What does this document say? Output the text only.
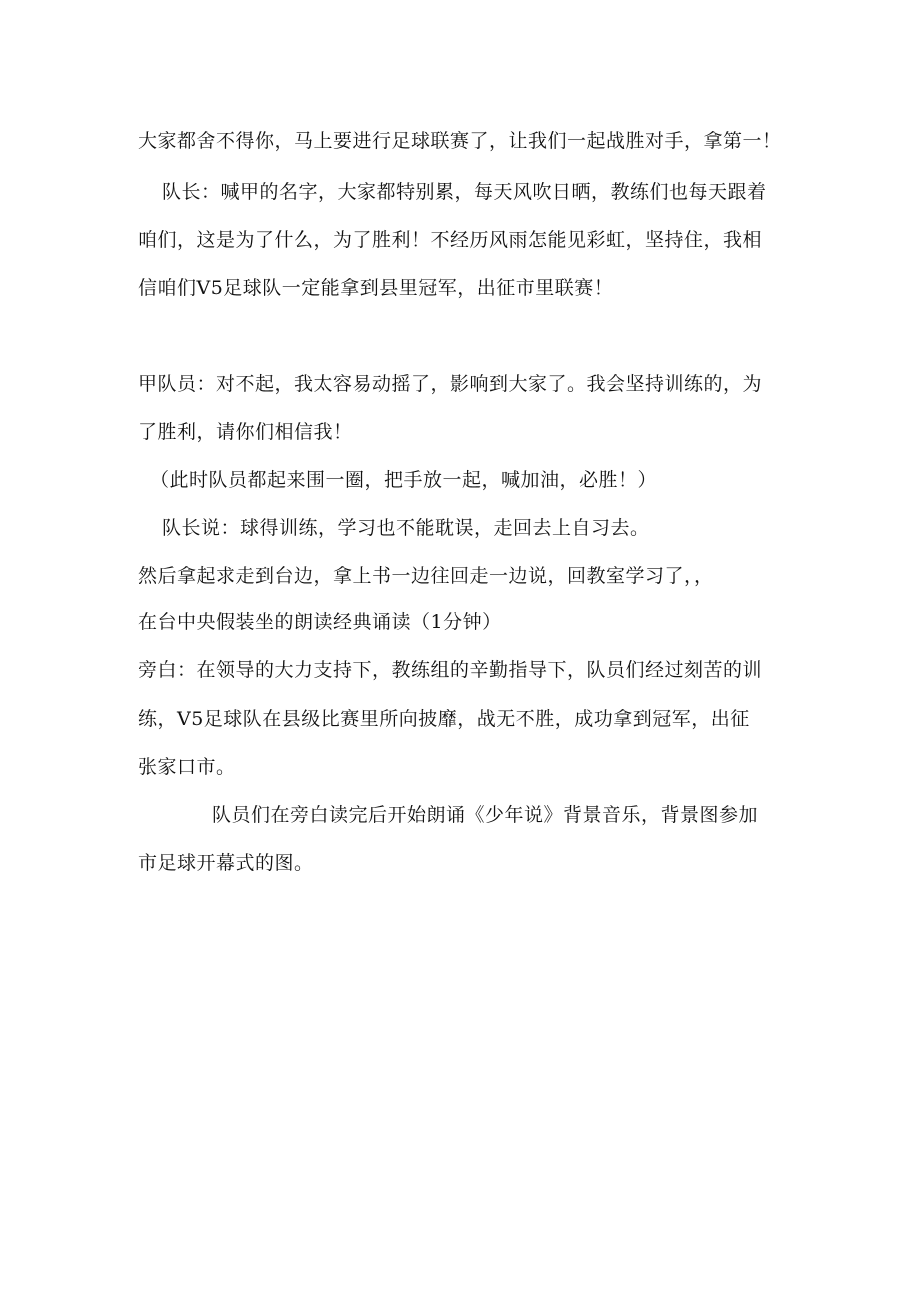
大家都舍不得你，马上要进行足球联赛了，让我们一起战胜对手，拿第一！
队长：喊甲的名字，大家都特别累，每天风吹日晒，教练们也每天跟着
咱们，这是为了什么，为了胜利！不经历风雨怎能见彩虹，坚持住，我相
信咱们V5足球队一定能拿到县里冠军，出征市里联赛！
甲队员：对不起，我太容易动摇了，影响到大家了。我会坚持训练的，为
了胜利，请你们相信我！
（此时队员都起来围一圈，把手放一起，喊加油，必胜！）
队长说：球得训练，学习也不能耽误，走回去上自习去。
然后拿起求走到台边，拿上书一边往回走一边说，回教室学习了，，
在台中央假装坐的朗读经典诵读（1分钟）
旁白：在领导的大力支持下，教练组的辛勤指导下，队员们经过刻苦的训
练，V5足球队在县级比赛里所向披靡，战无不胜，成功拿到冠军，出征
张家口市。
队员们在旁白读完后开始朗诵《少年说》背景音乐，背景图参加
市足球开幕式的图。
